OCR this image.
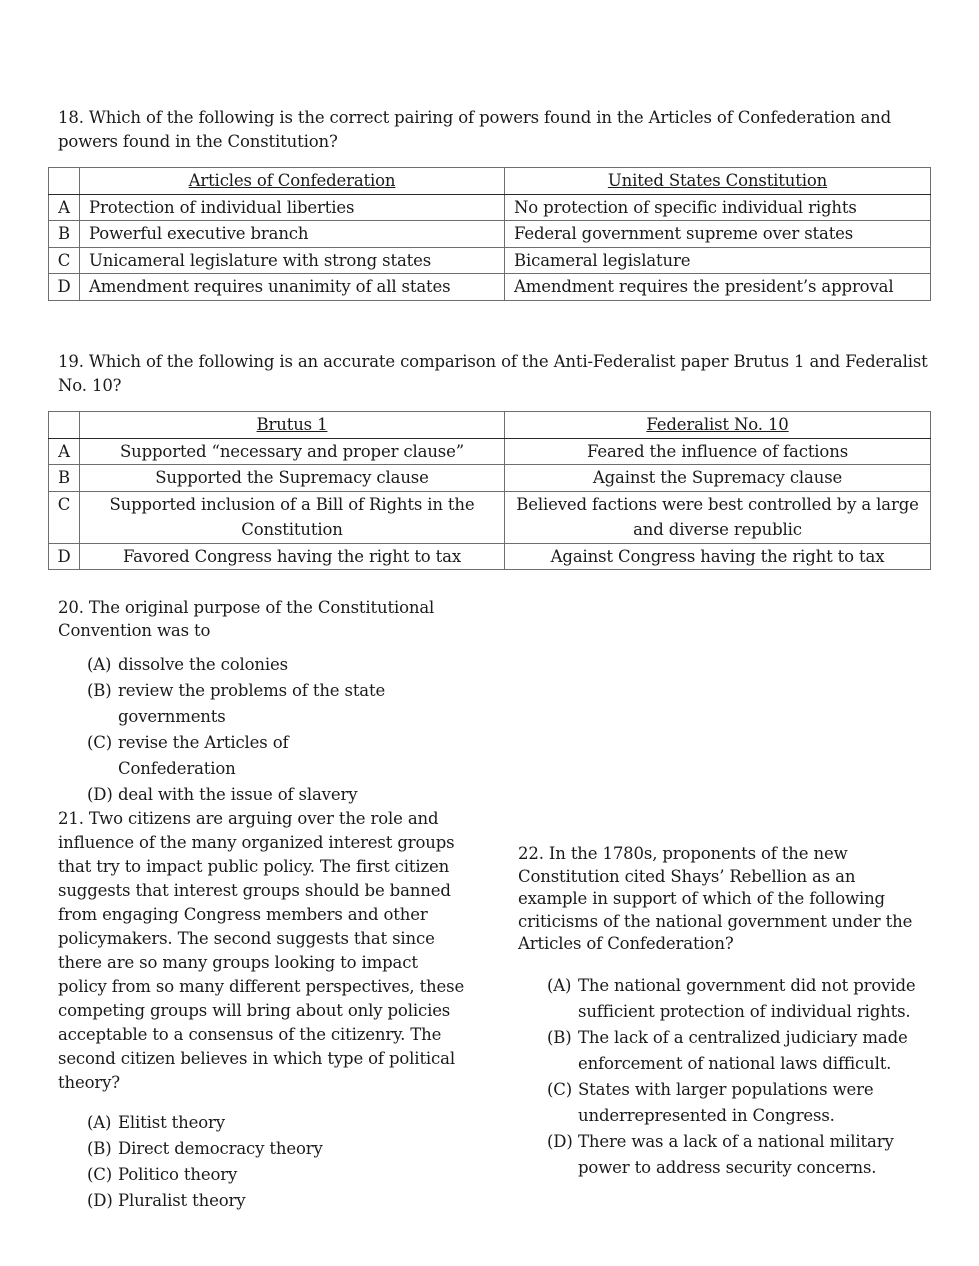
18. Which of the following is the correct pairing of powers found in the Articles of Confederation and powers found in the Constitution?
	Articles of Confederation	United States Constitution
A	Protection of individual liberties	No protection of specific individual rights
B	Powerful executive branch	Federal government supreme over states
C	Unicameral legislature with strong states	Bicameral legislature
D	Amendment requires unanimity of all states	Amendment requires the president’s approval
19. Which of the following is an accurate comparison of the Anti-Federalist paper Brutus 1 and Federalist No. 10?
	Brutus 1	Federalist No. 10
A	Supported “necessary and proper clause”	Feared the influence of factions
B	Supported the Supremacy clause	Against the Supremacy clause
C	Supported inclusion of a Bill of Rights in the Constitution	Believed factions were best controlled by a large and diverse republic
D	Favored Congress having the right to tax	Against Congress having the right to tax
20. The original purpose of the Constitutional Convention was to
(A) dissolve the colonies
(B) review the problems of the state governments
(C) revise the Articles of Confederation
(D) deal with the issue of slavery
21. Two citizens are arguing over the role and influence of the many organized interest groups that try to impact public policy. The first citizen suggests that interest groups should be banned from engaging Congress members and other policymakers. The second suggests that since there are so many groups looking to impact policy from so many different perspectives, these competing groups will bring about only policies acceptable to a consensus of the citizenry. The second citizen believes in which type of political theory?
(A) Elitist theory
(B) Direct democracy theory
(C) Politico theory
(D) Pluralist theory
22. In the 1780s, proponents of the new Constitution cited Shays’ Rebellion as an example in support of which of the following criticisms of the national government under the Articles of Confederation?
(A) The national government did not provide sufficient protection of individual rights.
(B) The lack of a centralized judiciary made enforcement of national laws difficult.
(C) States with larger populations were underrepresented in Congress.
(D) There was a lack of a national military power to address security concerns.
